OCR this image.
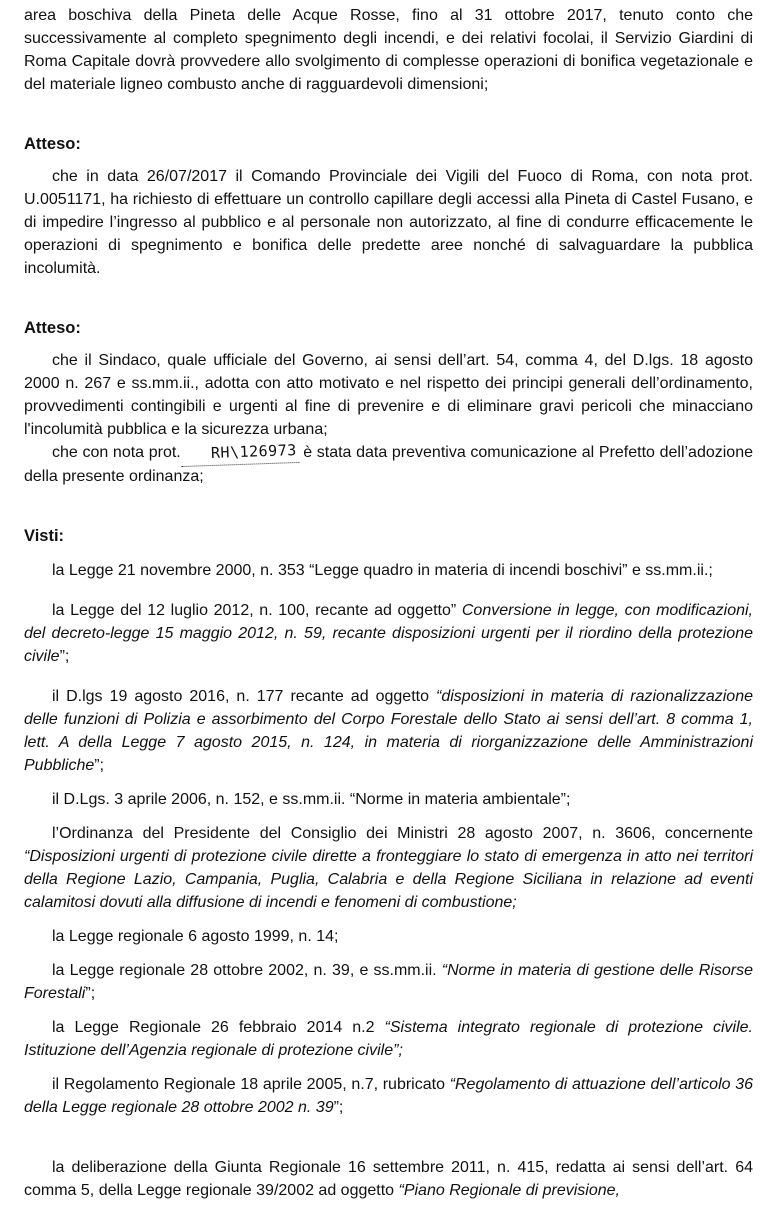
area boschiva della Pineta delle Acque Rosse, fino al 31 ottobre 2017, tenuto conto che successivamente al completo spegnimento degli incendi, e dei relativi focolai, il Servizio Giardini di Roma Capitale dovrà provvedere allo svolgimento di complesse operazioni di bonifica vegetazionale e del materiale ligneo combusto anche di ragguardevoli dimensioni;

Atteso:

che in data 26/07/2017 il Comando Provinciale dei Vigili del Fuoco di Roma, con nota prot. U.0051171, ha richiesto di effettuare un controllo capillare degli accessi alla Pineta di Castel Fusano, e di impedire l’ingresso al pubblico e al personale non autorizzato, al fine di condurre efficacemente le operazioni di spegnimento e bonifica delle predette aree nonché di salvaguardare la pubblica incolumità.

Atteso:

che il Sindaco, quale ufficiale del Governo, ai sensi dell’art. 54, comma 4, del D.lgs. 18 agosto 2000 n. 267 e ss.mm.ii., adotta con atto motivato e nel rispetto dei principi generali dell’ordinamento, provvedimenti contingibili e urgenti al fine di prevenire e di eliminare gravi pericoli che minacciano l'incolumità pubblica e la sicurezza urbana;

che con nota prot. RH\126973 è stata data preventiva comunicazione al Prefetto dell’adozione della presente ordinanza;

Visti:

la Legge 21 novembre 2000, n. 353 “Legge quadro in materia di incendi boschivi” e ss.mm.ii.;

la Legge del 12 luglio 2012, n. 100, recante ad oggetto” Conversione in legge, con modificazioni, del decreto-legge 15 maggio 2012, n. 59, recante disposizioni urgenti per il riordino della protezione civile”;

il D.lgs 19 agosto 2016, n. 177 recante ad oggetto “disposizioni in materia di razionalizzazione delle funzioni di Polizia e assorbimento del Corpo Forestale dello Stato ai sensi dell’art. 8 comma 1, lett. A della Legge 7 agosto 2015, n. 124, in materia di riorganizzazione delle Amministrazioni Pubbliche”;

il D.Lgs. 3 aprile 2006, n. 152, e ss.mm.ii. “Norme in materia ambientale”;

l’Ordinanza del Presidente del Consiglio dei Ministri 28 agosto 2007, n. 3606, concernente “Disposizioni urgenti di protezione civile dirette a fronteggiare lo stato di emergenza in atto nei territori della Regione Lazio, Campania, Puglia, Calabria e della Regione Siciliana in relazione ad eventi calamitosi dovuti alla diffusione di incendi e fenomeni di combustione;

la Legge regionale 6 agosto 1999, n. 14;

la Legge regionale 28 ottobre 2002, n. 39, e ss.mm.ii. “Norme in materia di gestione delle Risorse Forestali”;

la Legge Regionale 26 febbraio 2014 n.2 “Sistema integrato regionale di protezione civile. Istituzione dell’Agenzia regionale di protezione civile”;

il Regolamento Regionale 18 aprile 2005, n.7, rubricato “Regolamento di attuazione dell’articolo 36 della Legge regionale 28 ottobre 2002 n. 39”;

la deliberazione della Giunta Regionale 16 settembre 2011, n. 415, redatta ai sensi dell’art. 64 comma 5, della Legge regionale 39/2002 ad oggetto “Piano Regionale di previsione,
